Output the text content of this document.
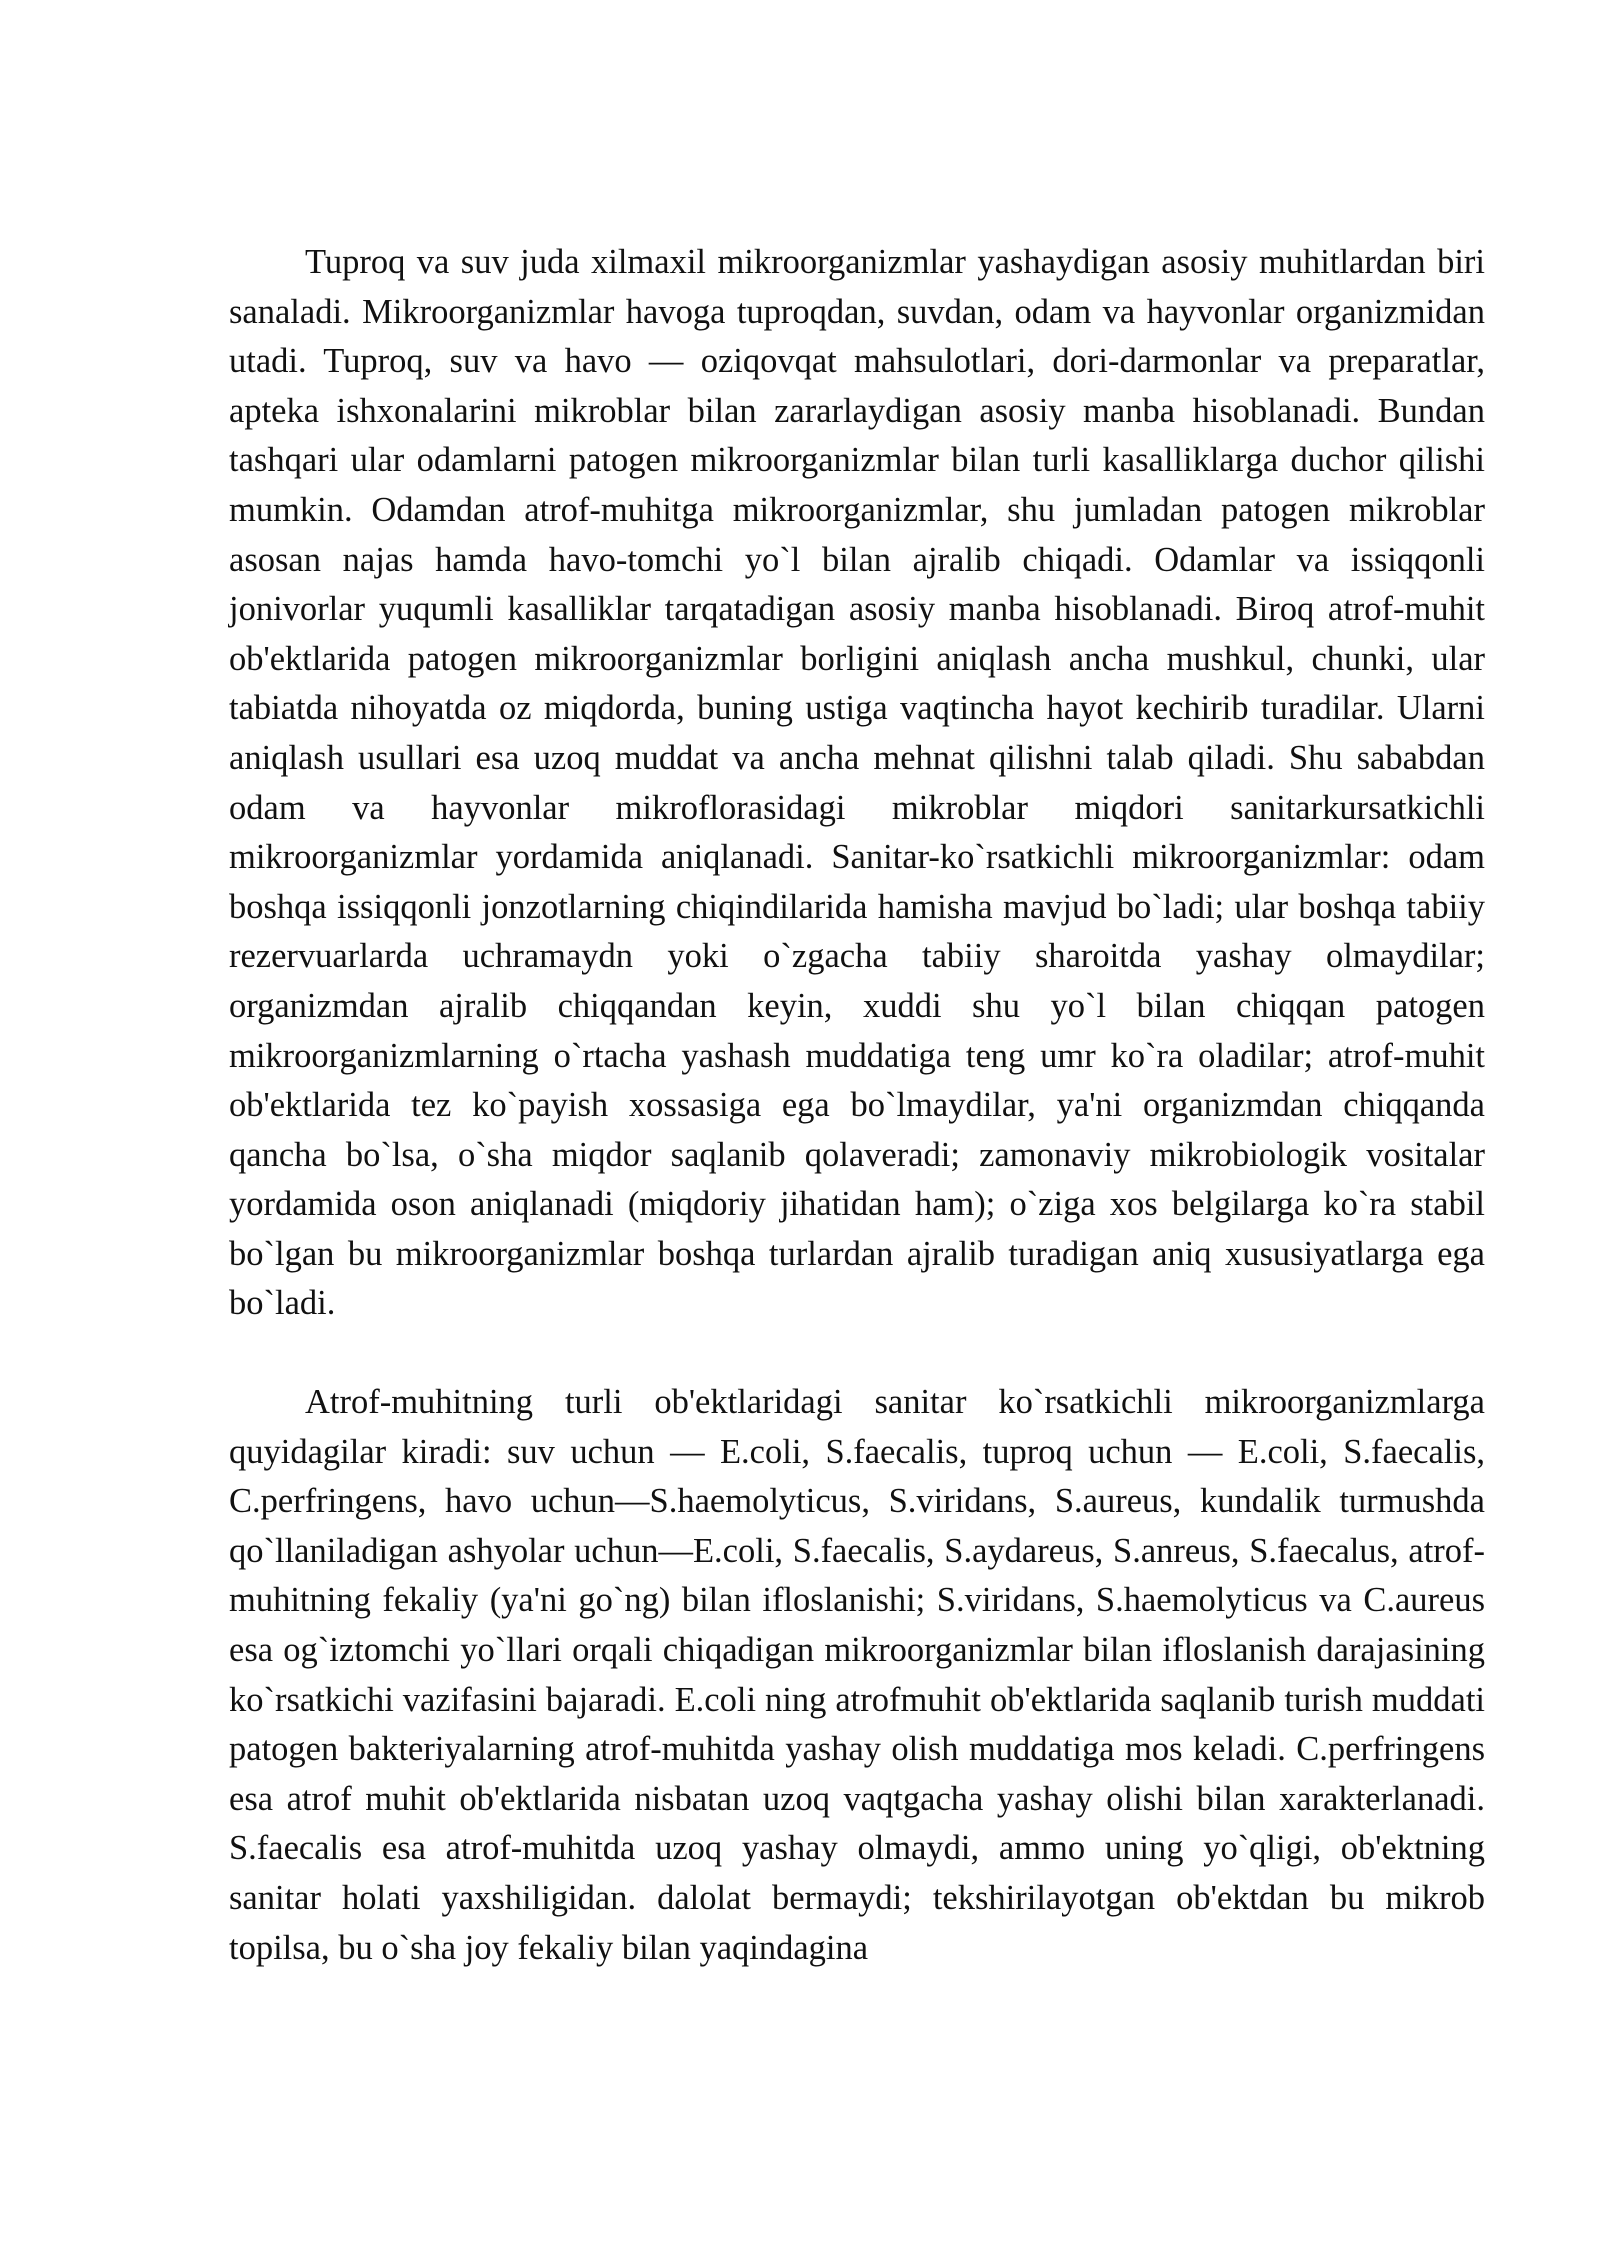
Tuproq va suv juda xilmaxil mikroorganizmlar yashaydigan asosiy muhitlardan biri sanaladi. Mikroorganizmlar havoga tuproqdan, suvdan, odam va hayvonlar organizmidan utadi. Tuproq, suv va havo — oziqovqat mahsulotlari, dori-darmonlar va preparatlar, apteka ishxonalarini mikroblar bilan zararlaydigan asosiy manba hisoblanadi. Bundan tashqari ular odamlarni patogen mikroorganizmlar bilan turli kasalliklarga duchor qilishi mumkin. Odamdan atrof-muhitga mikroorganizmlar, shu jumladan patogen mikroblar asosan najas hamda havo-tomchi yo`l bilan ajralib chiqadi. Odamlar va issiqqonli jonivorlar yuqumli kasalliklar tarqatadigan asosiy manba hisoblanadi. Biroq atrof-muhit ob'ektlarida patogen mikroorganizmlar borligini aniqlash ancha mushkul, chunki, ular tabiatda nihoyatda oz miqdorda, buning ustiga vaqtincha hayot kechirib turadilar. Ularni aniqlash usullari esa uzoq muddat va ancha mehnat qilishni talab qiladi. Shu sababdan odam va hayvonlar mikroflorasidagi mikroblar miqdori sanitarkursatkichli mikroorganizmlar yordamida aniqlanadi. Sanitar-ko`rsatkichli mikroorganizmlar: odam boshqa issiqqonli jonzotlarning chiqindilarida hamisha mavjud bo`ladi; ular boshqa tabiiy rezervuarlarda uchramaydn yoki o`zgacha tabiiy sharoitda yashay olmaydilar; organizmdan ajralib chiqqandan keyin, xuddi shu yo`l bilan chiqqan patogen mikroorganizmlarning o`rtacha yashash muddatiga teng umr ko`ra oladilar; atrof-muhit ob'ektlarida tez ko`payish xossasiga ega bo`lmaydilar, ya'ni organizmdan chiqqanda qancha bo`lsa, o`sha miqdor saqlanib qolaveradi; zamonaviy mikrobiologik vositalar yordamida oson aniqlanadi (miqdoriy jihatidan ham); o`ziga xos belgilarga ko`ra stabil bo`lgan bu mikroorganizmlar boshqa turlardan ajralib turadigan aniq xususiyatlarga ega bo`ladi.

Atrof-muhitning turli ob'ektlaridagi sanitar ko`rsatkichli mikroorganizmlarga quyidagilar kiradi: suv uchun — E.coli, S.faecalis, tuproq uchun — E.coli, S.faecalis, C.perfringens, havo uchun—S.haemolyticus, S.viridans, S.aureus, kundalik turmushda qo`llaniladigan ashyolar uchun—E.coli, S.faecalis, S.aydareus, S.anreus, S.faecalus, atrof-muhitning fekaliy (ya'ni go`ng) bilan ifloslanishi; S.viridans, S.haemolyticus va C.aureus esa og`iztomchi yo`llari orqali chiqadigan mikroorganizmlar bilan ifloslanish darajasining ko`rsatkichi vazifasini bajaradi. E.coli ning atrofmuhit ob'ektlarida saqlanib turish muddati patogen bakteriyalarning atrof-muhitda yashay olish muddatiga mos keladi. C.perfringens esa atrof muhit ob'ektlarida nisbatan uzoq vaqtgacha yashay olishi bilan xarakterlanadi. S.faecalis esa atrof-muhitda uzoq yashay olmaydi, ammo uning yo`qligi, ob'ektning sanitar holati yaxshiligidan. dalolat bermaydi; tekshirilayotgan ob'ektdan bu mikrob topilsa, bu o`sha joy fekaliy bilan yaqindagina
